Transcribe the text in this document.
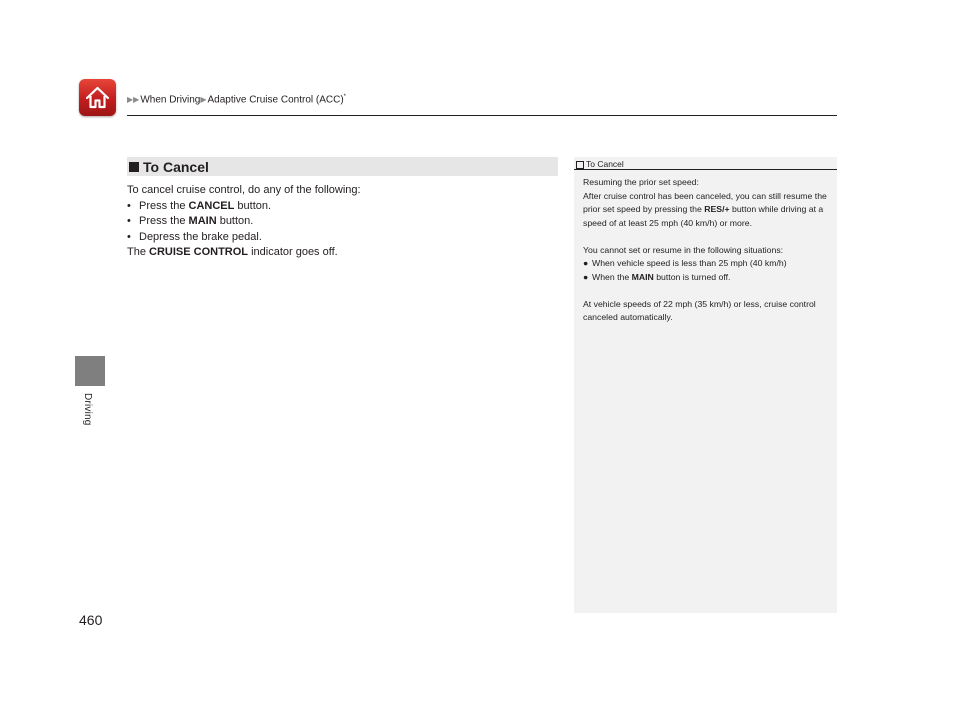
▶▶When Driving▶Adaptive Cruise Control (ACC)*
Driving
460
To Cancel

To cancel cruise control, do any of the following:

• Press the CANCEL button.
• Press the MAIN button.
• Depress the brake pedal.

The CRUISE CONTROL indicator goes off.

To Cancel

Resuming the prior set speed:

After cruise control has been canceled, you can still resume the prior set speed by pressing the RES/+ button while driving at a speed of at least 25 mph (40 km/h) or more.

You cannot set or resume in the following situations:

● When vehicle speed is less than 25 mph (40 km/h)
● When the MAIN button is turned off.

At vehicle speeds of 22 mph (35 km/h) or less, cruise control canceled automatically.
